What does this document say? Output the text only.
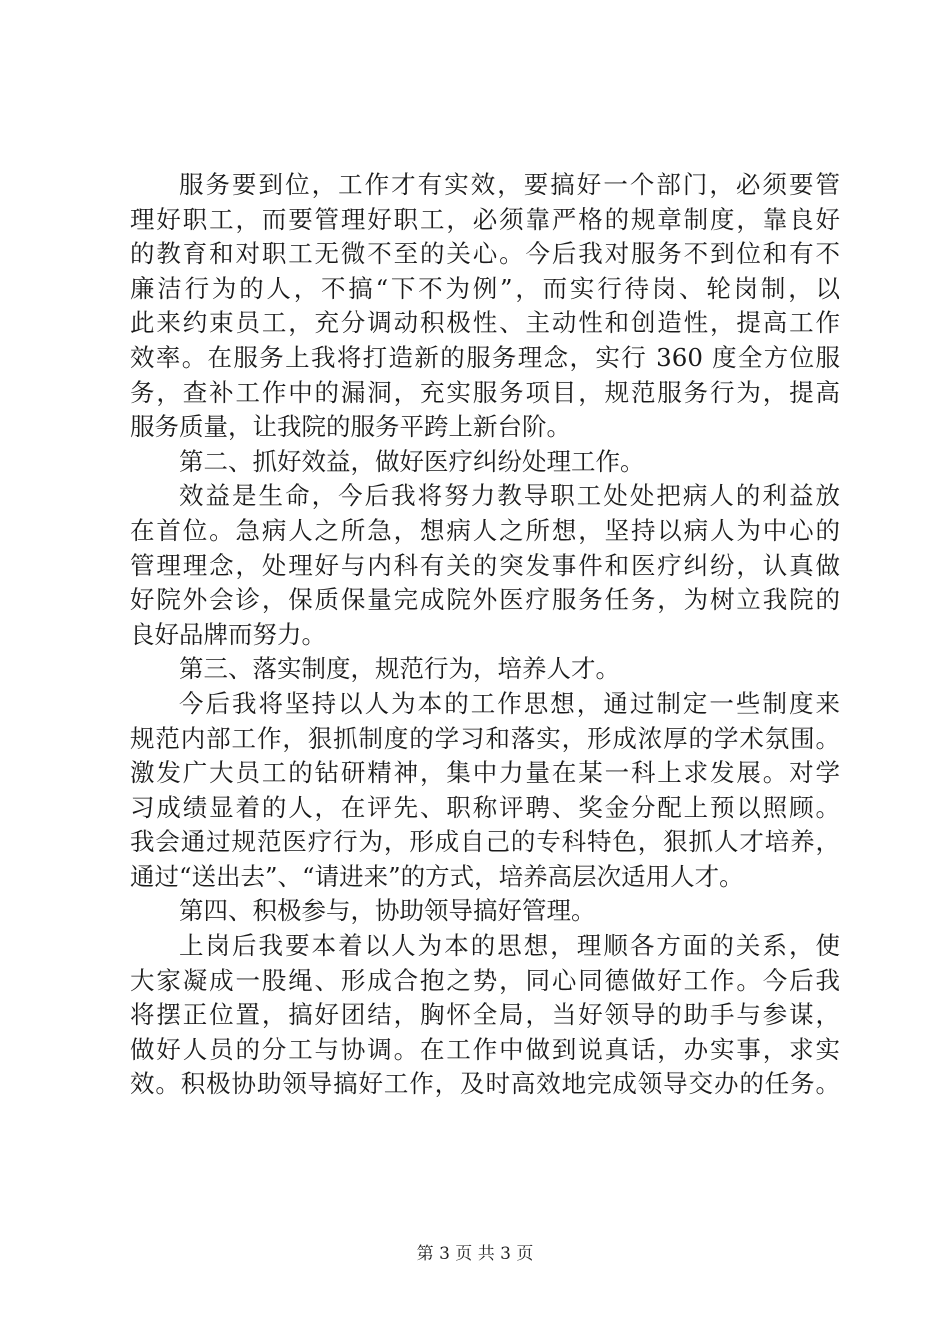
服务要到位，工作才有实效，要搞好一个部门，必须要管
理好职工，而要管理好职工，必须靠严格的规章制度，靠良好
的教育和对职工无微不至的关心。今后我对服务不到位和有不
廉洁行为的人，不搞“下不为例”，而实行待岗、轮岗制，以
此来约束员工，充分调动积极性、主动性和创造性，提高工作
效率。在服务上我将打造新的服务理念，实行 360 度全方位服
务，查补工作中的漏洞，充实服务项目，规范服务行为，提高
服务质量，让我院的服务平跨上新台阶。
第二、抓好效益，做好医疗纠纷处理工作。
效益是生命，今后我将努力教导职工处处把病人的利益放
在首位。急病人之所急，想病人之所想，坚持以病人为中心的
管理理念，处理好与内科有关的突发事件和医疗纠纷，认真做
好院外会诊，保质保量完成院外医疗服务任务，为树立我院的
良好品牌而努力。
第三、落实制度，规范行为，培养人才。
今后我将坚持以人为本的工作思想，通过制定一些制度来
规范内部工作，狠抓制度的学习和落实，形成浓厚的学术氛围。
激发广大员工的钻研精神，集中力量在某一科上求发展。对学
习成绩显着的人，在评先、职称评聘、奖金分配上预以照顾。
我会通过规范医疗行为，形成自己的专科特色，狠抓人才培养，
通过“送出去”、“请进来”的方式，培养高层次适用人才。
第四、积极参与，协助领导搞好管理。
上岗后我要本着以人为本的思想，理顺各方面的关系，使
大家凝成一股绳、形成合抱之势，同心同德做好工作。今后我
将摆正位置，搞好团结，胸怀全局，当好领导的助手与参谋，
做好人员的分工与协调。在工作中做到说真话，办实事，求实
效。积极协助领导搞好工作，及时高效地完成领导交办的任务。
第 3 页 共 3 页
